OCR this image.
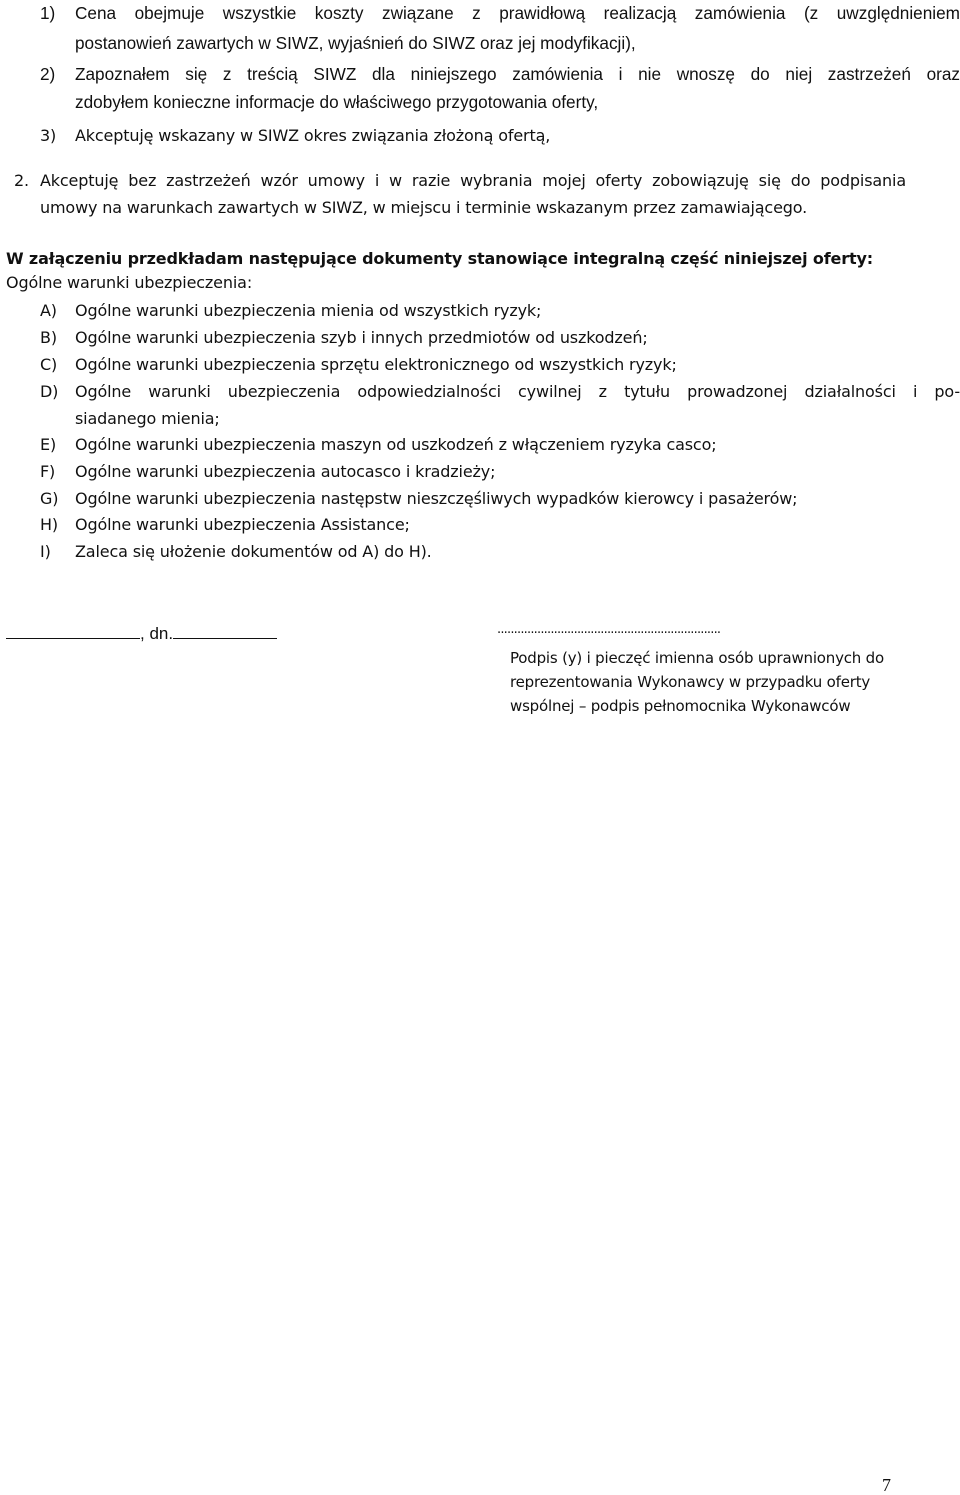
1) Cena obejmuje wszystkie koszty związane z prawidłową realizacją zamówienia (z uwzględnieniem
postanowień zawartych w SIWZ, wyjaśnień do SIWZ oraz jej modyfikacji),
2) Zapoznałem się z treścią SIWZ dla niniejszego zamówienia i nie wnoszę do niej zastrzeżeń oraz
zdobyłem konieczne informacje do właściwego przygotowania oferty,
3) Akceptuję wskazany w SIWZ okres związania złożoną ofertą,
2. Akceptuję bez zastrzeżeń wzór umowy i w razie wybrania mojej oferty zobowiązuję się do podpisania
umowy na warunkach zawartych w SIWZ, w miejscu i terminie wskazanym przez zamawiającego.
W załączeniu przedkładam następujące dokumenty stanowiące integralną część niniejszej oferty:
Ogólne warunki ubezpieczenia:
A) Ogólne warunki ubezpieczenia mienia od wszystkich ryzyk;
B) Ogólne warunki ubezpieczenia szyb i innych przedmiotów od uszkodzeń;
C) Ogólne warunki ubezpieczenia sprzętu elektronicznego od wszystkich ryzyk;
D) Ogólne warunki ubezpieczenia odpowiedzialności cywilnej z tytułu prowadzonej działalności i po-
siadanego mienia;
E) Ogólne warunki ubezpieczenia maszyn od uszkodzeń z włączeniem ryzyka casco;
F) Ogólne warunki ubezpieczenia autocasco i kradzieży;
G) Ogólne warunki ubezpieczenia następstw nieszczęśliwych wypadków kierowcy i pasażerów;
H) Ogólne warunki ubezpieczenia Assistance;
I) Zaleca się ułożenie dokumentów od A) do H).
, dn.	...................................................................
Podpis (y) i pieczęć imienna osób uprawnionych do
reprezentowania Wykonawcy w przypadku oferty
wspólnej – podpis pełnomocnika Wykonawców
7
